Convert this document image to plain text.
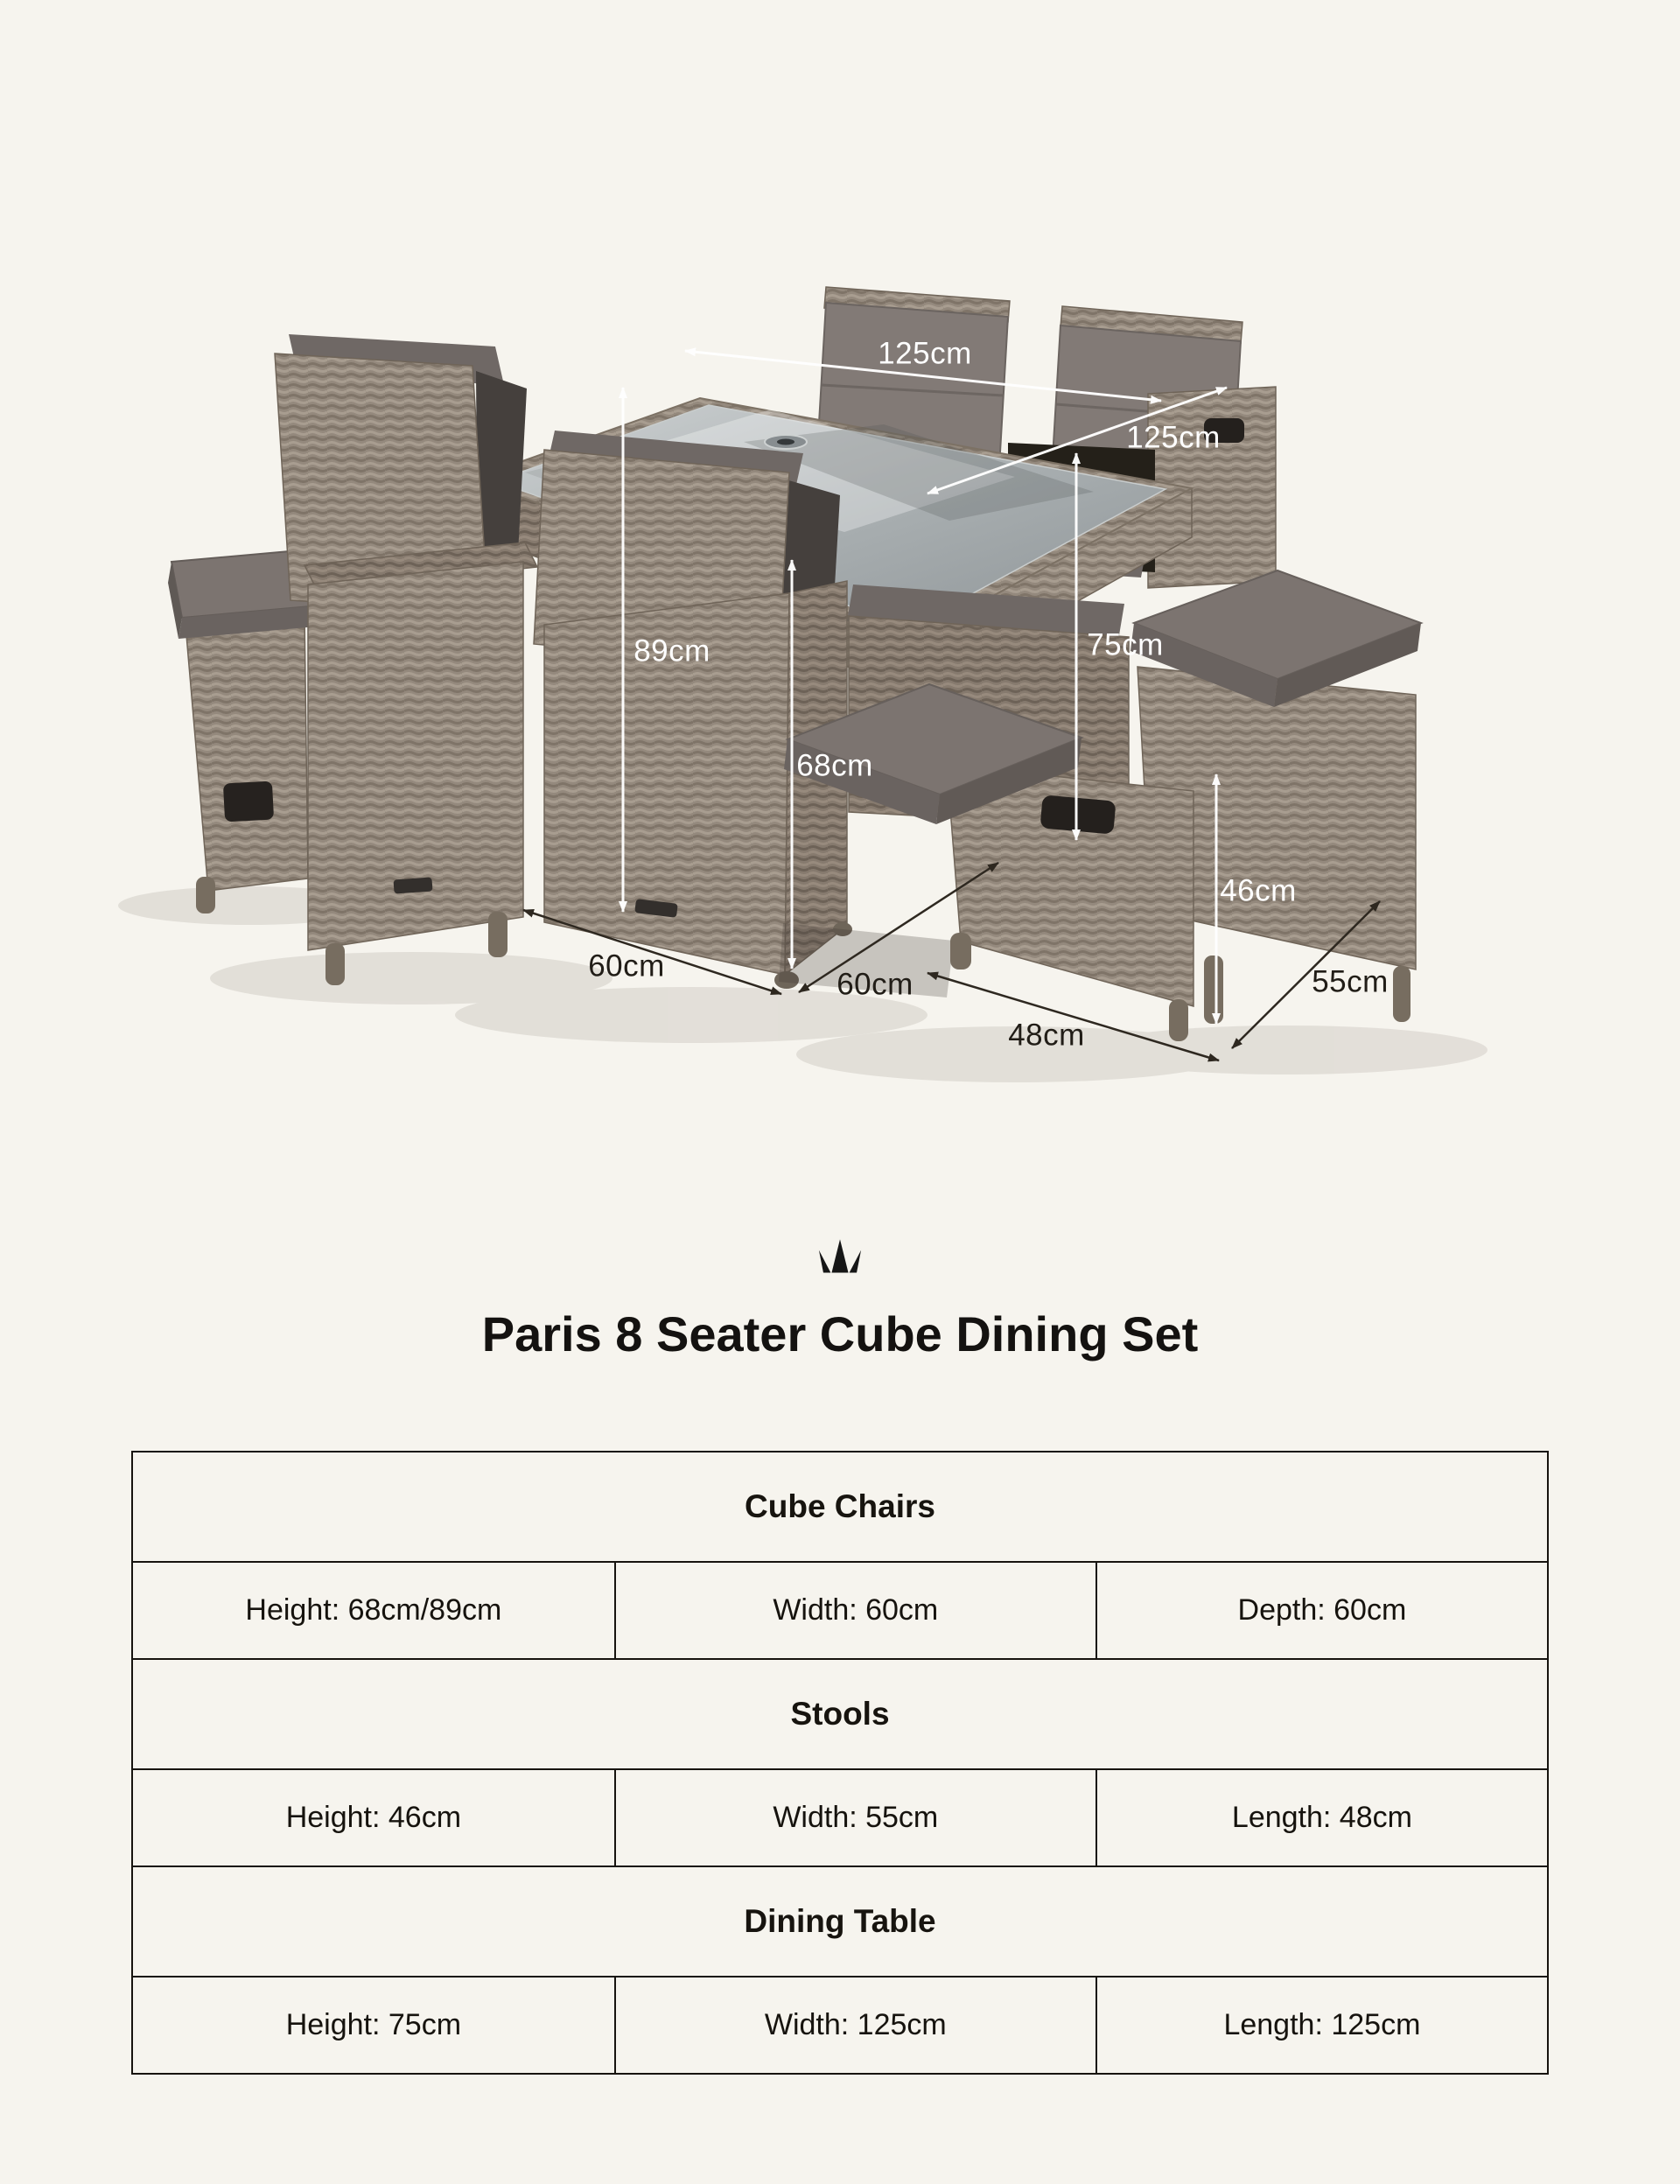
125cm
125cm
89cm
68cm
75cm
46cm
60cm
60cm
48cm
55cm
Paris 8 Seater Cube Dining Set
Cube Chairs		
Height: 68cm/89cm	Width: 60cm	Depth: 60cm
Stools		
Height: 46cm	Width: 55cm	Length: 48cm
Dining Table		
Height: 75cm	Width: 125cm	Length: 125cm
